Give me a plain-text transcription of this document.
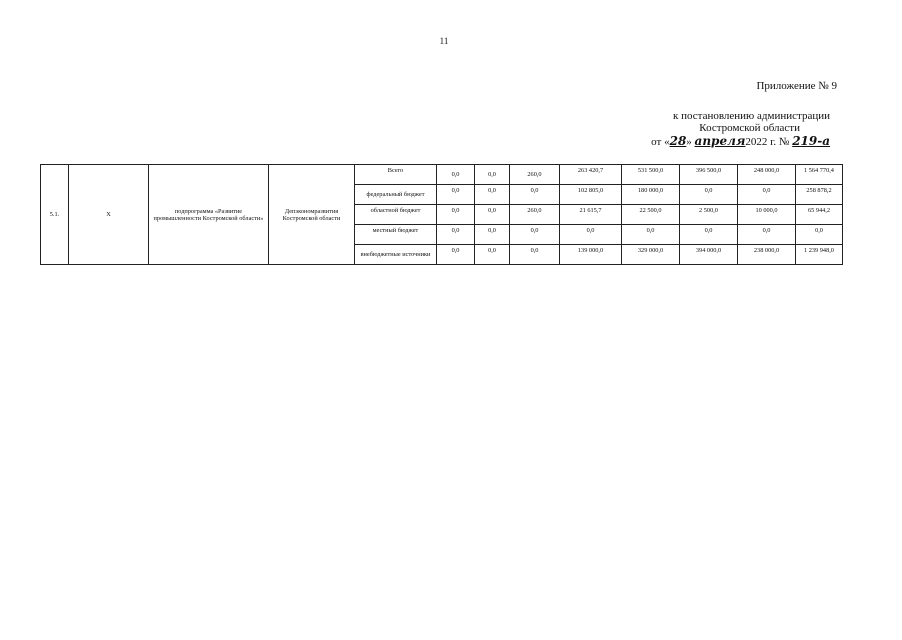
11
Приложение № 9
к постановлению администрации
Костромской области
от «28» апреля2022 г. № 219-а
5.1.	X	подпрограмма «Развитие промышленности Костромской области»	Депэкономразвития Костромской области	Всего	0,0	0,0	260,0	263 420,7	531 500,0	396 500,0	248 000,0	1 564 770,4
				федеральный бюджет	0,0	0,0	0,0	102 805,0	180 000,0	0,0	0,0	258 878,2
				областной бюджет	0,0	0,0	260,0	21 615,7	22 500,0	2 500,0	10 000,0	65 944,2
				местный бюджет	0,0	0,0	0,0	0,0	0,0	0,0	0,0	0,0
				внебюджетные источники	0,0	0,0	0,0	139 000,0	329 000,0	394 000,0	238 000,0	1 239 948,0
